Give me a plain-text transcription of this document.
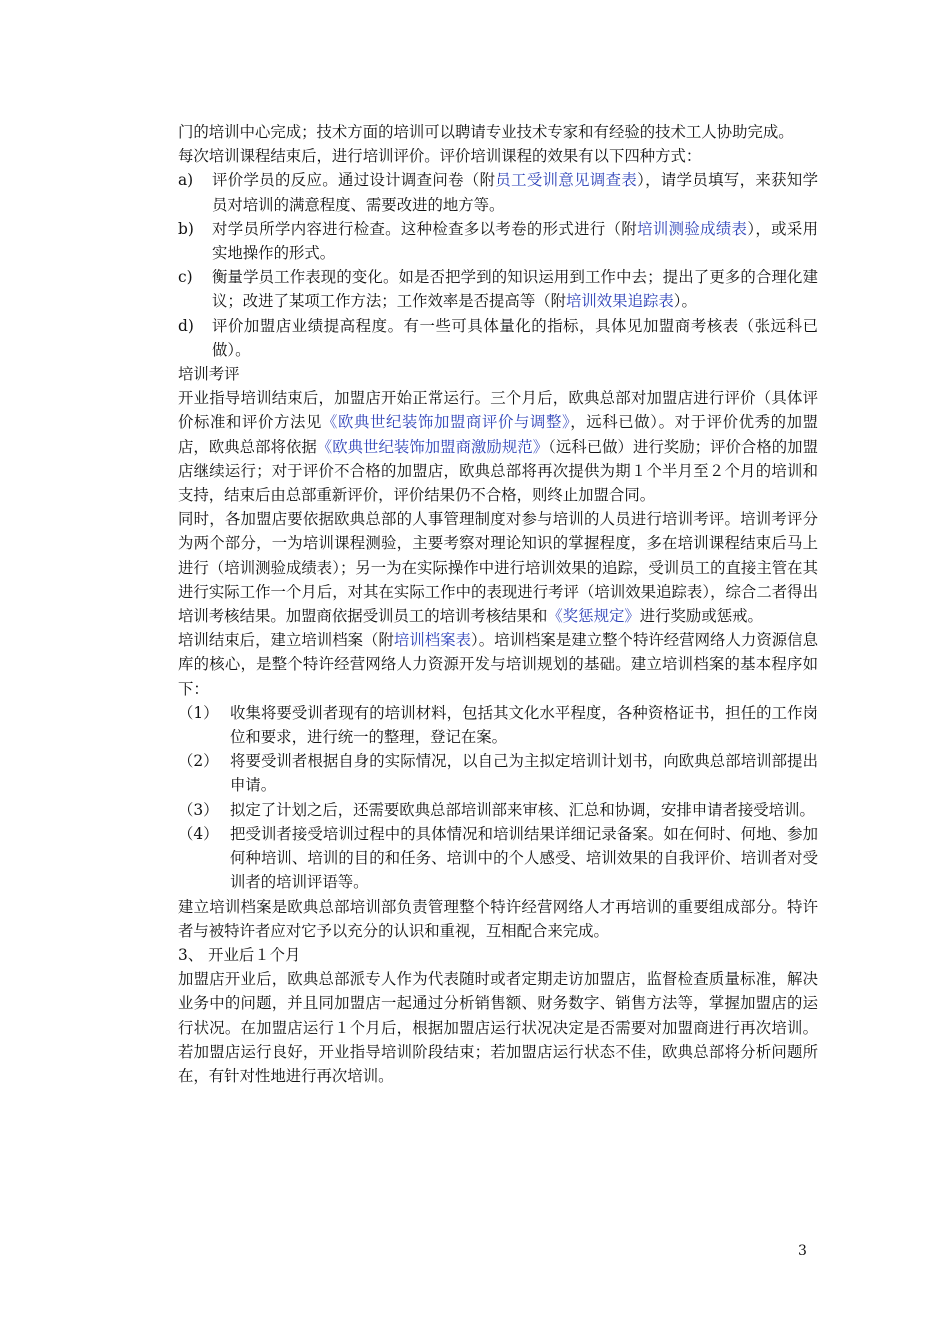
门的培训中心完成；技术方面的培训可以聘请专业技术专家和有经验的技术工人协助完成。

每次培训课程结束后，进行培训评价。评价培训课程的效果有以下四种方式：

a) 评价学员的反应。通过设计调查问卷（附员工受训意见调查表），请学员填写，来获知学员对培训的满意程度、需要改进的地方等。
b) 对学员所学内容进行检查。这种检查多以考卷的形式进行（附培训测验成绩表），或采用实地操作的形式。
c) 衡量学员工作表现的变化。如是否把学到的知识运用到工作中去；提出了更多的合理化建议；改进了某项工作方法；工作效率是否提高等（附培训效果追踪表）。
d) 评价加盟店业绩提高程度。有一些可具体量化的指标，具体见加盟商考核表（张远科已做）。

培训考评

开业指导培训结束后，加盟店开始正常运行。三个月后，欧典总部对加盟店进行评价（具体评价标准和评价方法见《欧典世纪装饰加盟商评价与调整》，远科已做）。对于评价优秀的加盟店，欧典总部将依据《欧典世纪装饰加盟商激励规范》（远科已做）进行奖励；评价合格的加盟店继续运行；对于评价不合格的加盟店，欧典总部将再次提供为期１个半月至２个月的培训和支持，结束后由总部重新评价，评价结果仍不合格，则终止加盟合同。

同时，各加盟店要依据欧典总部的人事管理制度对参与培训的人员进行培训考评。培训考评分为两个部分，一为培训课程测验，主要考察对理论知识的掌握程度，多在培训课程结束后马上进行（培训测验成绩表）；另一为在实际操作中进行培训效果的追踪，受训员工的直接主管在其进行实际工作一个月后，对其在实际工作中的表现进行考评（培训效果追踪表），综合二者得出培训考核结果。加盟商依据受训员工的培训考核结果和《奖惩规定》进行奖励或惩戒。

培训结束后，建立培训档案（附培训档案表）。培训档案是建立整个特许经营网络人力资源信息库的核心，是整个特许经营网络人力资源开发与培训规划的基础。建立培训档案的基本程序如下：

（1） 收集将要受训者现有的培训材料，包括其文化水平程度，各种资格证书，担任的工作岗位和要求，进行统一的整理，登记在案。
（2） 将要受训者根据自身的实际情况，以自己为主拟定培训计划书，向欧典总部培训部提出申请。
（3） 拟定了计划之后，还需要欧典总部培训部来审核、汇总和协调，安排申请者接受培训。
（4） 把受训者接受培训过程中的具体情况和培训结果详细记录备案。如在何时、何地、参加何种培训、培训的目的和任务、培训中的个人感受、培训效果的自我评价、培训者对受训者的培训评语等。

建立培训档案是欧典总部培训部负责管理整个特许经营网络人才再培训的重要组成部分。特许者与被特许者应对它予以充分的认识和重视，互相配合来完成。

3、 开业后１个月

加盟店开业后，欧典总部派专人作为代表随时或者定期走访加盟店，监督检查质量标准，解决业务中的问题，并且同加盟店一起通过分析销售额、财务数字、销售方法等，掌握加盟店的运行状况。在加盟店运行１个月后，根据加盟店运行状况决定是否需要对加盟商进行再次培训。若加盟店运行良好，开业指导培训阶段结束；若加盟店运行状态不佳，欧典总部将分析问题所在，有针对性地进行再次培训。

3
